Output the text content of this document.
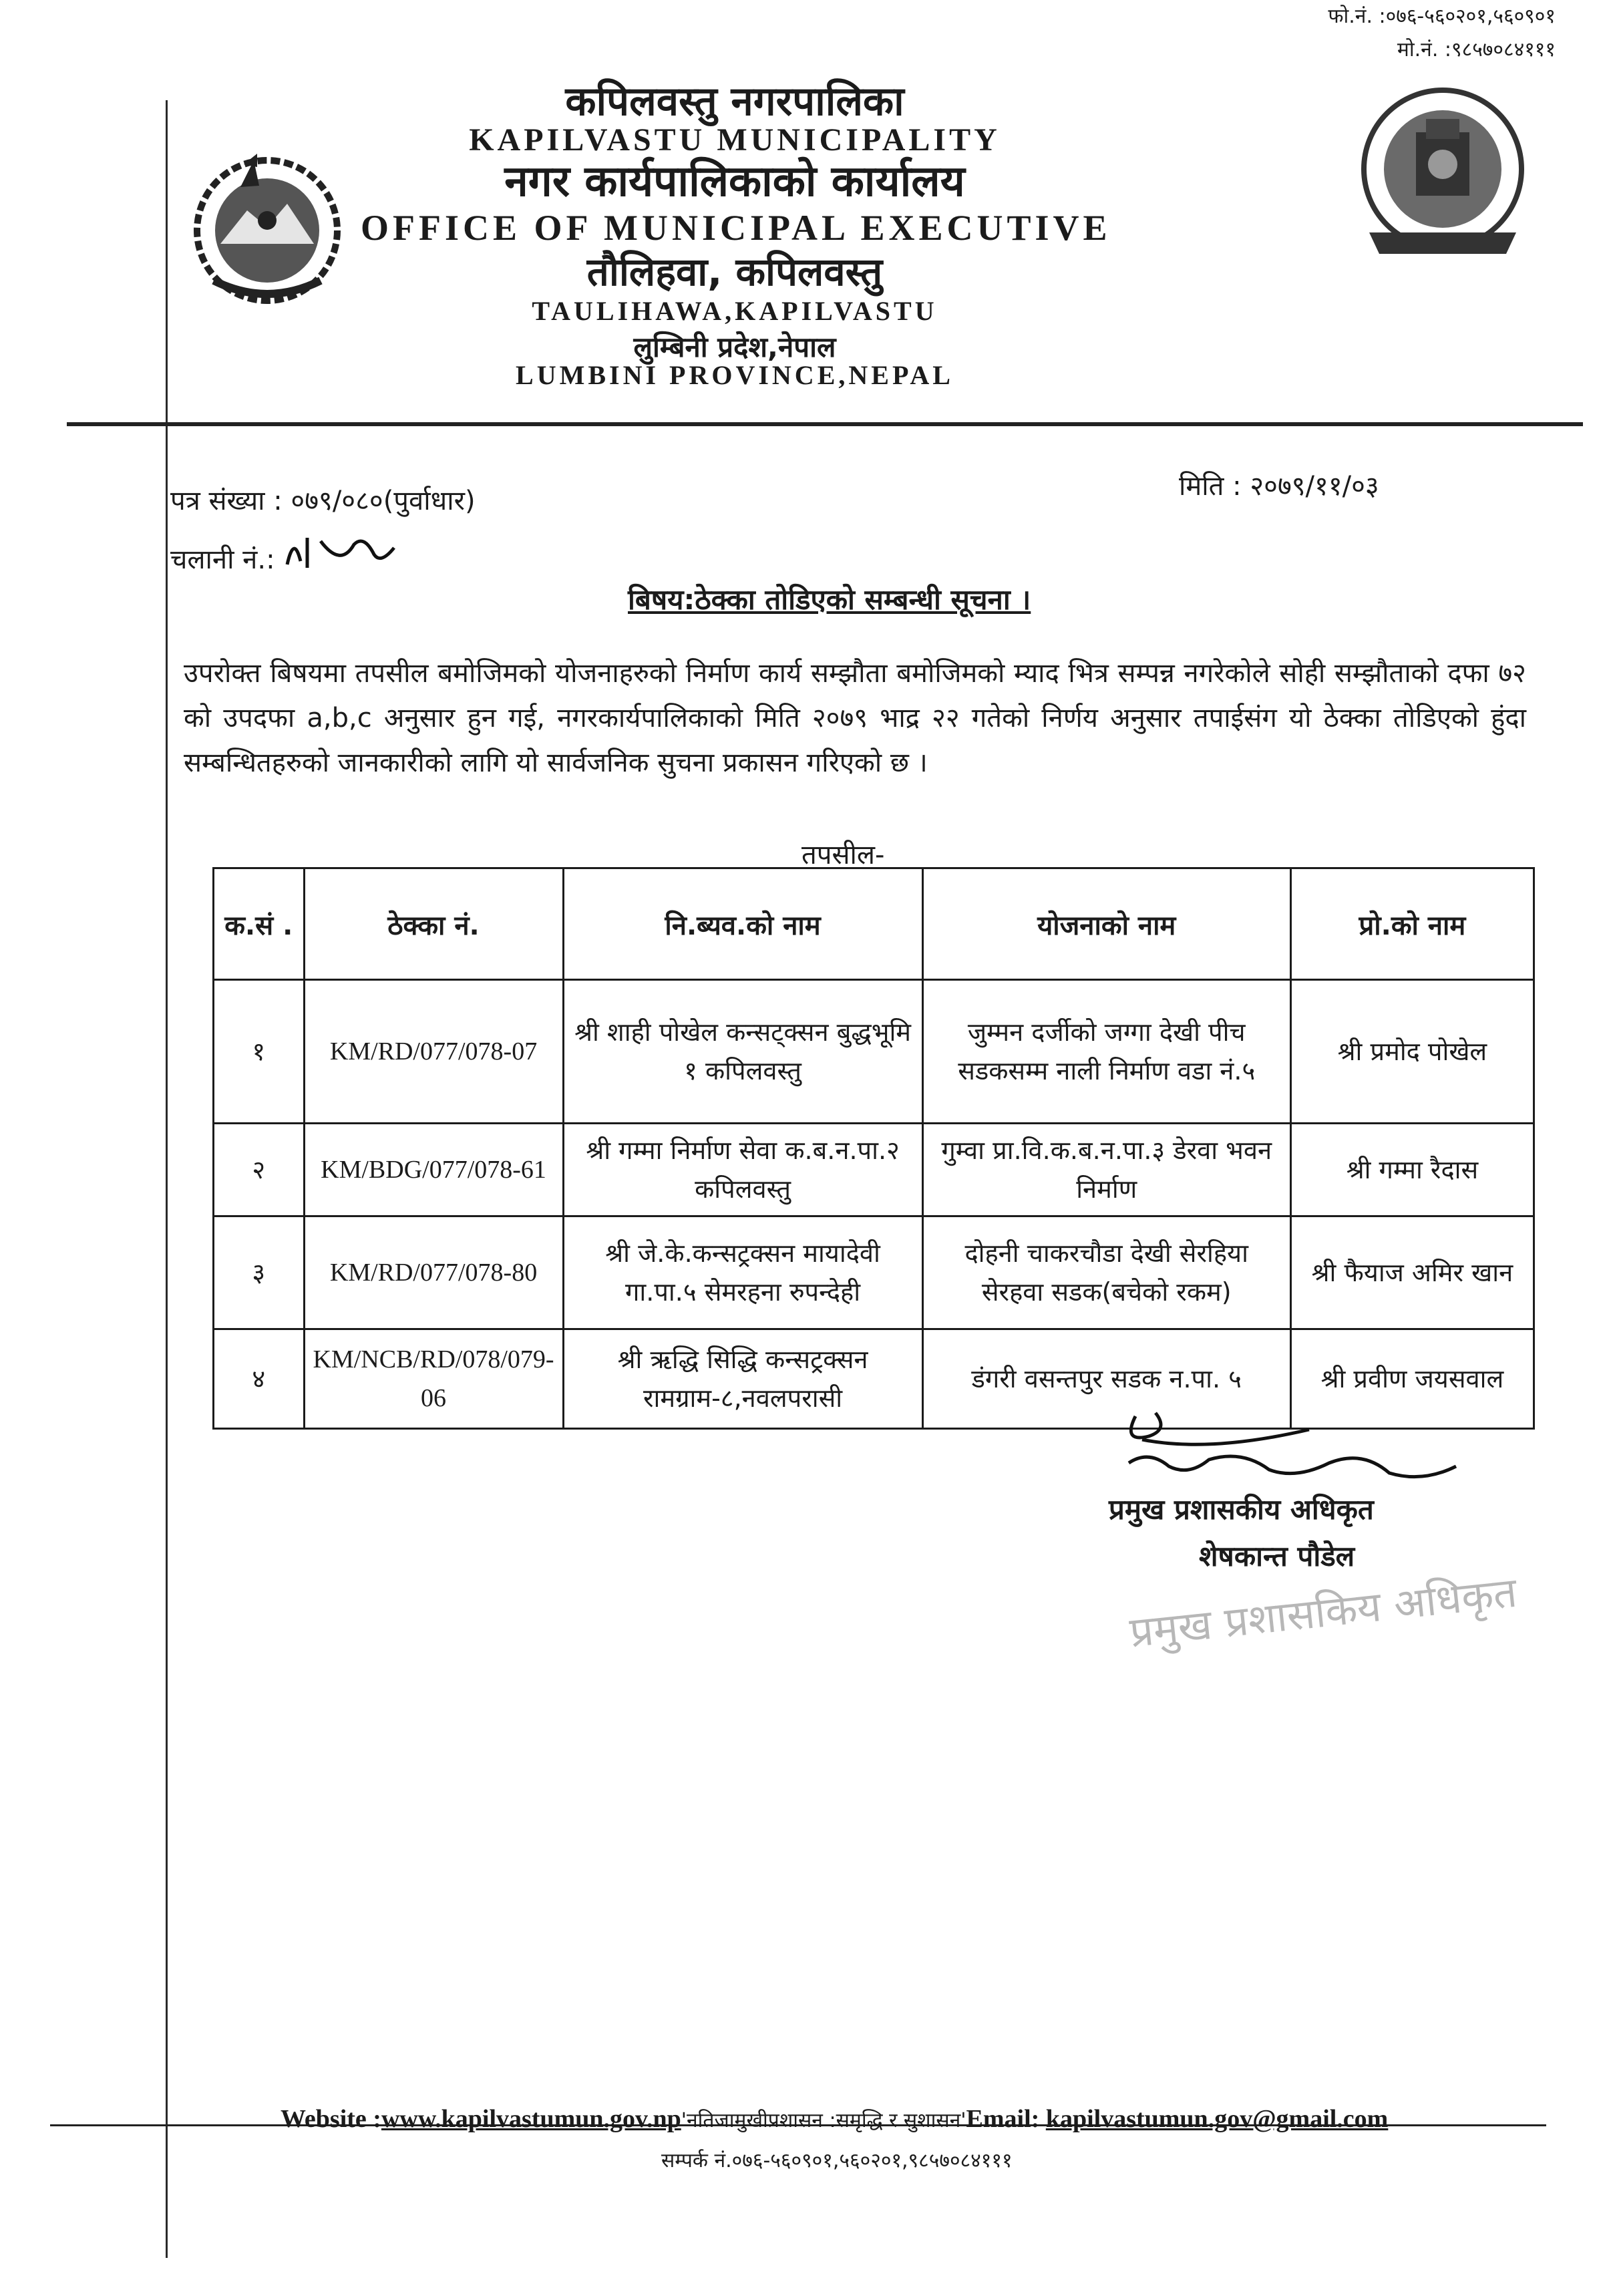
फो.नं. :०७६-५६०२०१,५६०९०१
मो.नं. :९८५७०८४१११
कपिलवस्तु नगरपालिका
KAPILVASTU MUNICIPALITY
नगर कार्यपालिकाको कार्यालय
OFFICE OF MUNICIPAL EXECUTIVE
तौलिहवा, कपिलवस्तु
TAULIHAWA,KAPILVASTU
लुम्बिनी प्रदेश,नेपाल
LUMBINI PROVINCE,NEPAL
पत्र संख्या : ०७९/०८०(पुर्वाधार)	मिति : २०७९/११/०३
चलानी नं.:
बिषय:ठेक्का तोडिएको सम्बन्धी सूचना ।
उपरोक्त बिषयमा तपसील बमोजिमको योजनाहरुको निर्माण कार्य सम्झौता बमोजिमको म्याद भित्र सम्पन्न नगरेकोले सोही सम्झौताको दफा ७२ को उपदफा a,b,c अनुसार हुन गई, नगरकार्यपालिकाको मिति २०७९ भाद्र २२ गतेको निर्णय अनुसार तपाईसंग यो ठेक्का तोडिएको हुंदा सम्बन्धितहरुको जानकारीको लागि यो सार्वजनिक सुचना प्रकासन गरिएको छ ।
तपसील-
क.सं .	ठेक्का नं.	नि.ब्यव.को नाम	योजनाको नाम	प्रो.को नाम
१	KM/RD/077/078-07	श्री शाही पोखेल कन्सट्क्सन बुद्धभूमि १ कपिलवस्तु	जुम्मन दर्जीको जग्गा देखी पीच सडकसम्म नाली निर्माण वडा नं.५	श्री प्रमोद पोखेल
२	KM/BDG/077/078-61	श्री गम्मा निर्माण सेवा क.ब.न.पा.२ कपिलवस्तु	गुम्वा प्रा.वि.क.ब.न.पा.३ डेरवा भवन निर्माण	श्री गम्मा रैदास
३	KM/RD/077/078-80	श्री जे.के.कन्सट्रक्सन मायादेवी गा.पा.५ सेमरहना रुपन्देही	दोहनी चाकरचौडा देखी सेरहिया सेरहवा सडक(बचेको रकम)	श्री फैयाज अमिर खान
४	KM/NCB/RD/078/079-06	श्री ऋद्धि सिद्धि कन्सट्रक्सन रामग्राम-८,नवलपरासी	डंगरी वसन्तपुर सडक न.पा. ५	श्री प्रवीण जयसवाल
प्रमुख प्रशासकीय अधिकृत
शेषकान्त पौडेल
प्रमुख प्रशासकिय अधिकृत
Website :www.kapilvastumun.gov.np'नतिजामुखीप्रशासन :समृद्धि र सुशासन'Email: kapilvastumun.gov@gmail.com
सम्पर्क नं.०७६-५६०९०१,५६०२०१,९८५७०८४१११
